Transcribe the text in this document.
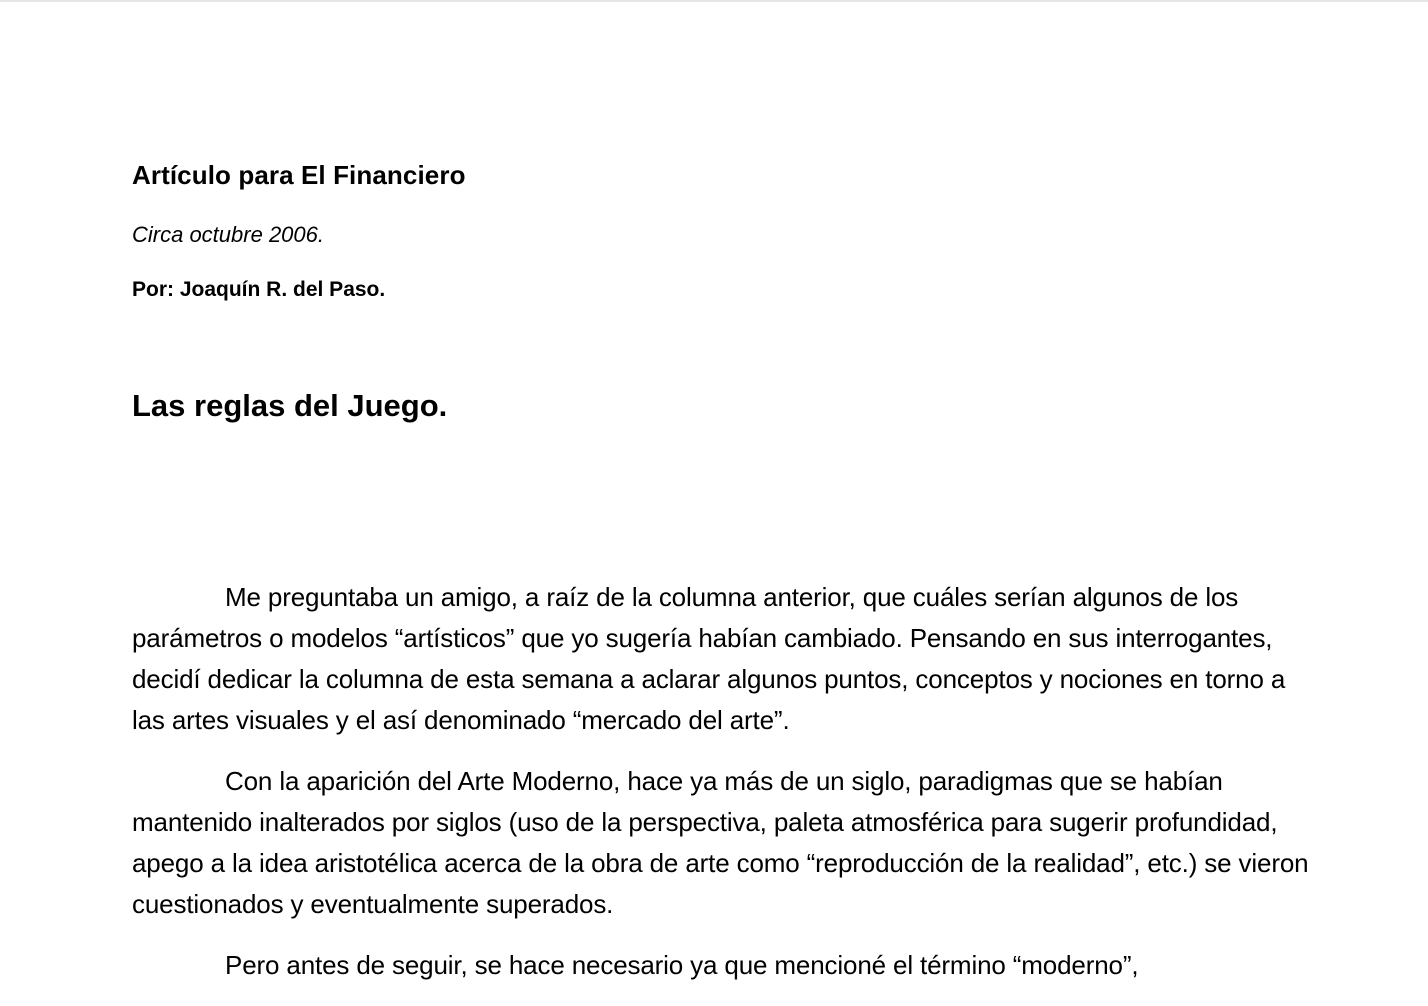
Artículo para El Financiero
Circa octubre 2006.
Por: Joaquín R. del Paso.
Las reglas del Juego.

Me preguntaba un amigo, a raíz de la columna anterior, que cuáles serían algunos de los parámetros o modelos “artísticos” que yo sugería habían cambiado. Pensando en sus interrogantes, decidí dedicar la columna de esta semana a aclarar algunos puntos, conceptos y nociones en torno a las artes visuales y el así denominado “mercado del arte”.

Con la aparición del Arte Moderno, hace ya más de un siglo, paradigmas que se habían mantenido inalterados por siglos (uso de la perspectiva, paleta atmosférica para sugerir profundidad, apego a la idea aristotélica acerca de la obra de arte como “reproducción de la realidad”, etc.) se vieron cuestionados y eventualmente superados.

Pero antes de seguir, se hace necesario ya que mencioné el término “moderno”,
